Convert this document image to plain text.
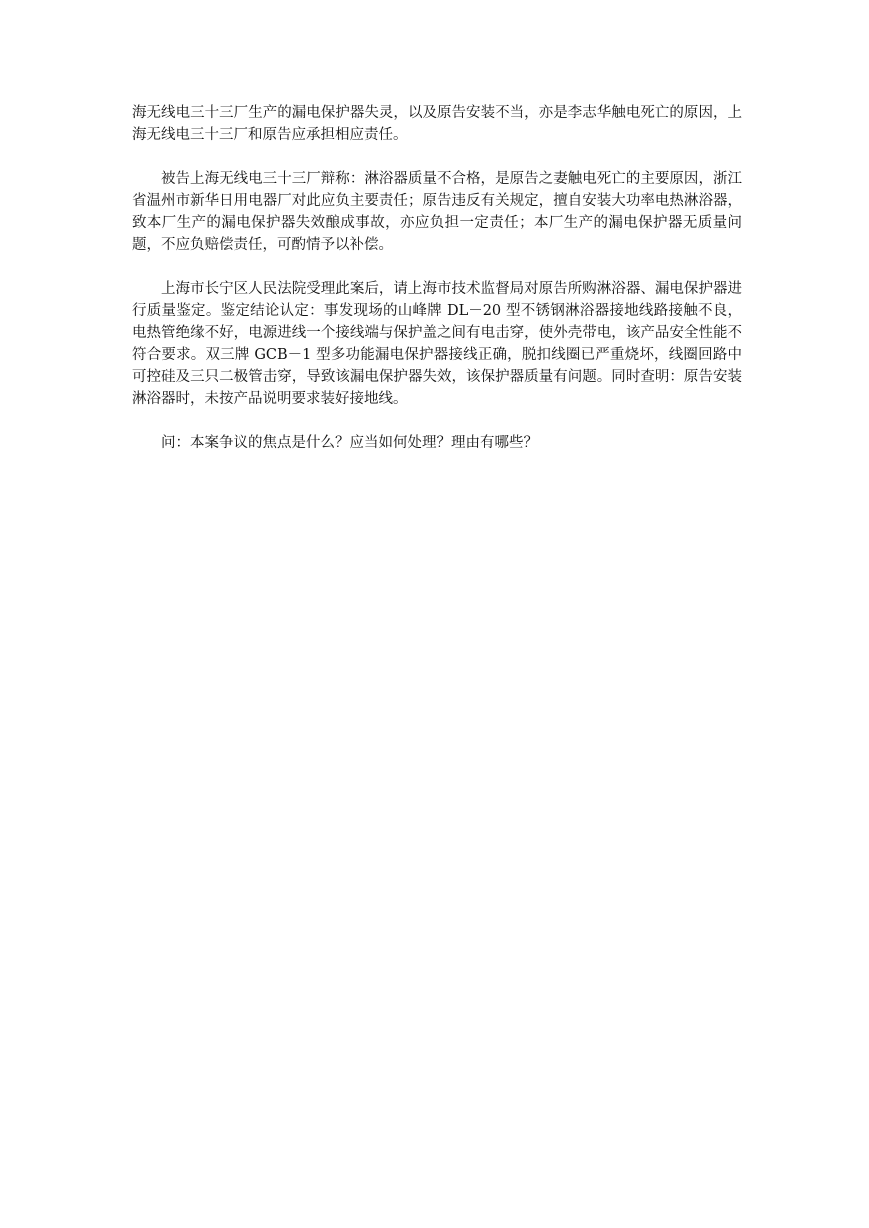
海无线电三十三厂生产的漏电保护器失灵，以及原告安装不当，亦是李志华触电死亡的原因，上海无线电三十三厂和原告应承担相应责任。

被告上海无线电三十三厂辩称：淋浴器质量不合格，是原告之妻触电死亡的主要原因，浙江省温州市新华日用电器厂对此应负主要责任；原告违反有关规定，擅自安装大功率电热淋浴器，致本厂生产的漏电保护器失效酿成事故，亦应负担一定责任；本厂生产的漏电保护器无质量问题，不应负赔偿责任，可酌情予以补偿。

上海市长宁区人民法院受理此案后，请上海市技术监督局对原告所购淋浴器、漏电保护器进行质量鉴定。鉴定结论认定：事发现场的山峰牌 DL－20 型不锈钢淋浴器接地线路接触不良，电热管绝缘不好，电源进线一个接线端与保护盖之间有电击穿，使外壳带电，该产品安全性能不符合要求。双三牌 GCB－1 型多功能漏电保护器接线正确，脱扣线圈已严重烧坏，线圈回路中可控硅及三只二极管击穿，导致该漏电保护器失效，该保护器质量有问题。同时查明：原告安装淋浴器时，未按产品说明要求装好接地线。

问：本案争议的焦点是什么？应当如何处理？理由有哪些？
